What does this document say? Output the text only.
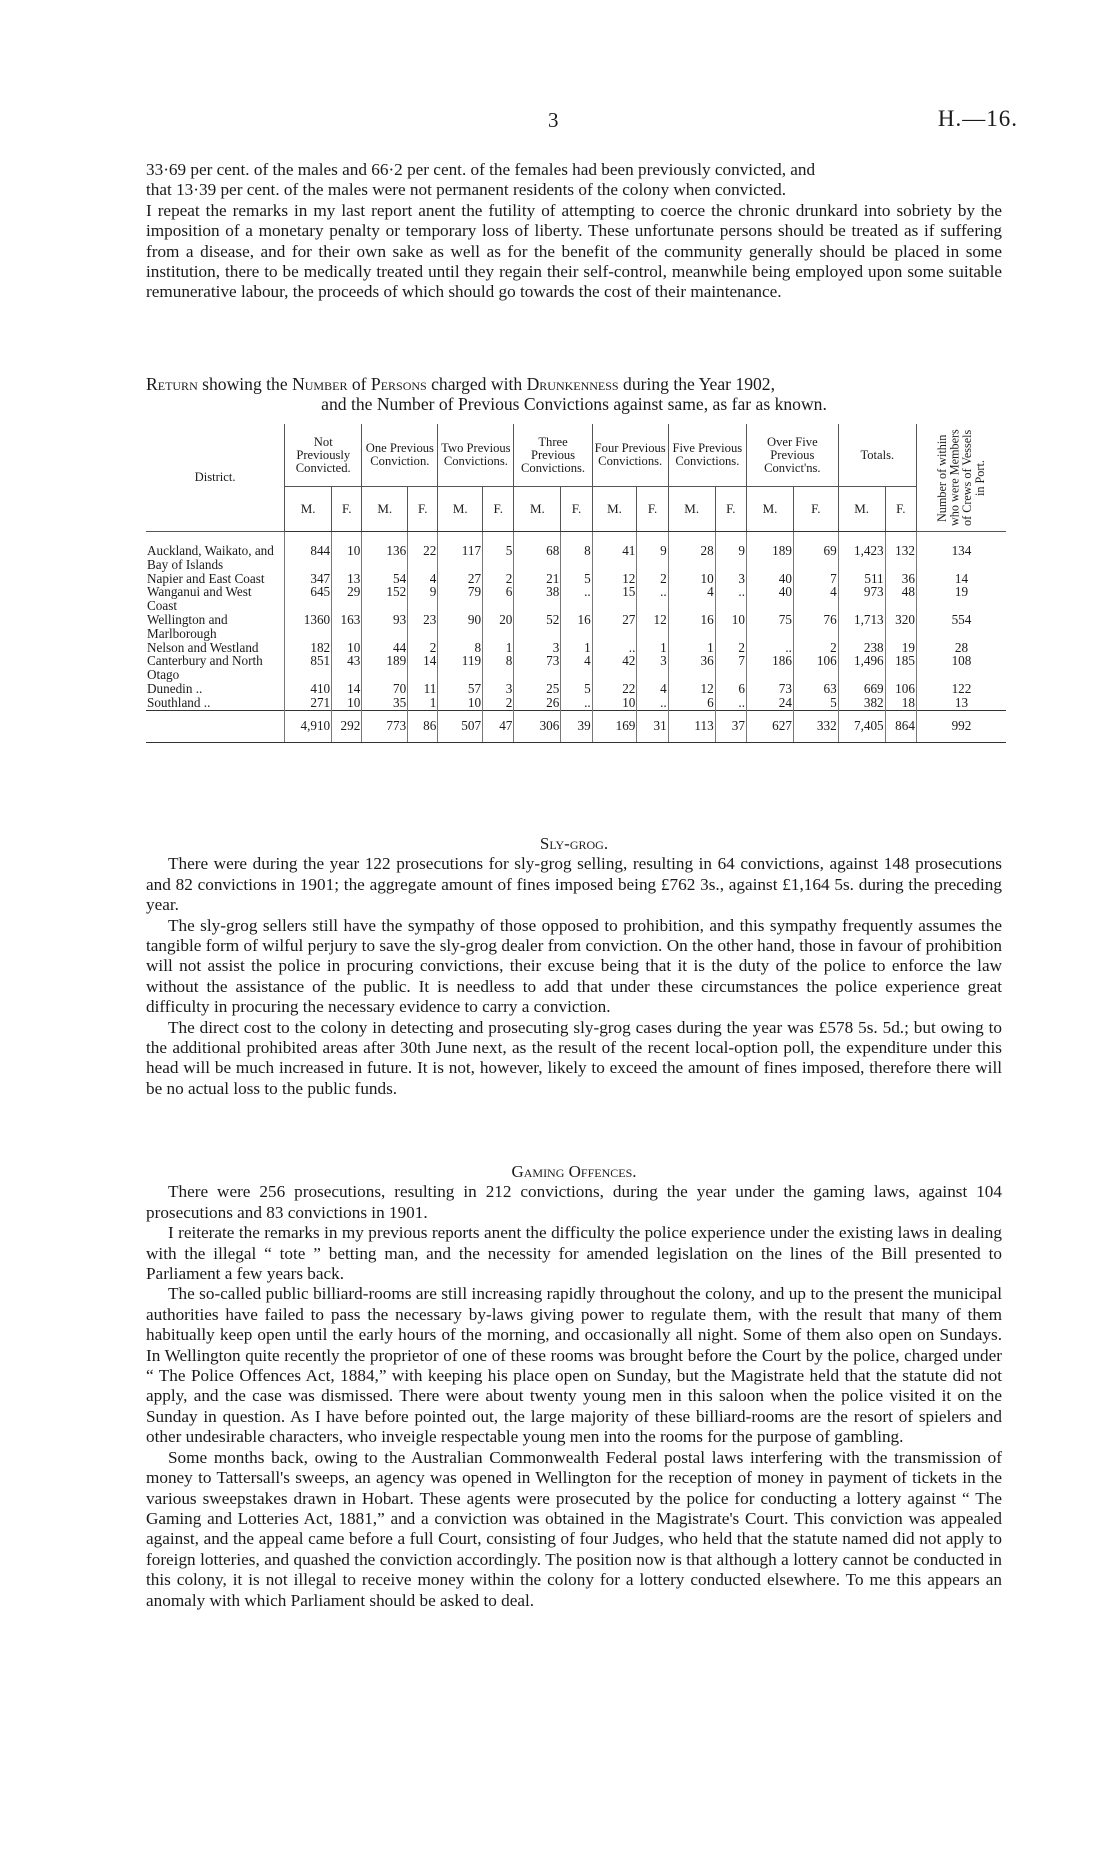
3	H.—16.

33·69 per cent. of the males and 66·2 per cent. of the females had been previously convicted, and

that 13·39 per cent. of the males were not permanent residents of the colony when convicted.

I repeat the remarks in my last report anent the futility of attempting to coerce the chronic drunkard into sobriety by the imposition of a monetary penalty or temporary loss of liberty. These unfortunate persons should be treated as if suffering from a disease, and for their own sake as well as for the benefit of the community generally should be placed in some institution, there to be medically treated until they regain their self-control, meanwhile being employed upon some suitable remunerative labour, the proceeds of which should go towards the cost of their maintenance.

Return showing the Number of Persons charged with Drunkenness during the Year 1902,

and the Number of Previous Convictions against same, as far as known.

District.	Not Previously Convicted.		One Previous Conviction.		Two Previous Convictions.		Three Previous Convictions.		Four Previous Convictions.		Five Previous Convictions.		Over Five Previous Convict'ns.		Totals.		Number of within who were Members of Crews of Vessels in Port.

	M.	F.	M.	F.	M.	F.	M.	F.	M.	F.	M.	F.	M.	F.	M.	F.	
Auckland, Waikato, and Bay of Islands	844	10	136	22	117	5	68	8	41	9	28	9	189	69	1,423	132	134
Napier and East Coast	347	13	54	4	27	2	21	5	12	2	10	3	40	7	511	36	14
Wanganui and West Coast	645	29	152	9	79	6	38	..	15	..	4	..	40	4	973	48	19
Wellington and Marlborough	1360	163	93	23	90	20	52	16	27	12	16	10	75	76	1,713	320	554
Nelson and Westland	182	10	44	2	8	1	3	1	..	1	1	2	..	2	238	19	28
Canterbury and North Otago	851	43	189	14	119	8	73	4	42	3	36	7	186	106	1,496	185	108
Dunedin ..	410	14	70	11	57	3	25	5	22	4	12	6	73	63	669	106	122
Southland ..	271	10	35	1	10	2	26	..	10	..	6	..	24	5	382	18	13
	4,910	292	773	86	507	47	306	39	169	31	113	37	627	332	7,405	864	992

Sly-grog.

There were during the year 122 prosecutions for sly-grog selling, resulting in 64 convictions, against 148 prosecutions and 82 convictions in 1901; the aggregate amount of fines imposed being £762 3s., against £1,164 5s. during the preceding year.

The sly-grog sellers still have the sympathy of those opposed to prohibition, and this sympathy frequently assumes the tangible form of wilful perjury to save the sly-grog dealer from conviction. On the other hand, those in favour of prohibition will not assist the police in procuring convictions, their excuse being that it is the duty of the police to enforce the law without the assistance of the public. It is needless to add that under these circumstances the police experience great difficulty in procuring the necessary evidence to carry a conviction.

The direct cost to the colony in detecting and prosecuting sly-grog cases during the year was £578 5s. 5d.; but owing to the additional prohibited areas after 30th June next, as the result of the recent local-option poll, the expenditure under this head will be much increased in future. It is not, however, likely to exceed the amount of fines imposed, therefore there will be no actual loss to the public funds.

Gaming Offences.

There were 256 prosecutions, resulting in 212 convictions, during the year under the gaming laws, against 104 prosecutions and 83 convictions in 1901.

I reiterate the remarks in my previous reports anent the difficulty the police experience under the existing laws in dealing with the illegal “ tote ” betting man, and the necessity for amended legislation on the lines of the Bill presented to Parliament a few years back.

The so-called public billiard-rooms are still increasing rapidly throughout the colony, and up to the present the municipal authorities have failed to pass the necessary by-laws giving power to regulate them, with the result that many of them habitually keep open until the early hours of the morning, and occasionally all night. Some of them also open on Sundays. In Wellington quite recently the proprietor of one of these rooms was brought before the Court by the police, charged under “ The Police Offences Act, 1884,” with keeping his place open on Sunday, but the Magistrate held that the statute did not apply, and the case was dismissed. There were about twenty young men in this saloon when the police visited it on the Sunday in question. As I have before pointed out, the large majority of these billiard-rooms are the resort of spielers and other undesirable characters, who inveigle respectable young men into the rooms for the purpose of gambling.

Some months back, owing to the Australian Commonwealth Federal postal laws interfering with the transmission of money to Tattersall's sweeps, an agency was opened in Wellington for the reception of money in payment of tickets in the various sweepstakes drawn in Hobart. These agents were prosecuted by the police for conducting a lottery against “ The Gaming and Lotteries Act, 1881,” and a conviction was obtained in the Magistrate's Court. This conviction was appealed against, and the appeal came before a full Court, consisting of four Judges, who held that the statute named did not apply to foreign lotteries, and quashed the conviction accordingly. The position now is that although a lottery cannot be conducted in this colony, it is not illegal to receive money within the colony for a lottery conducted elsewhere. To me this appears an anomaly with which Parliament should be asked to deal.
